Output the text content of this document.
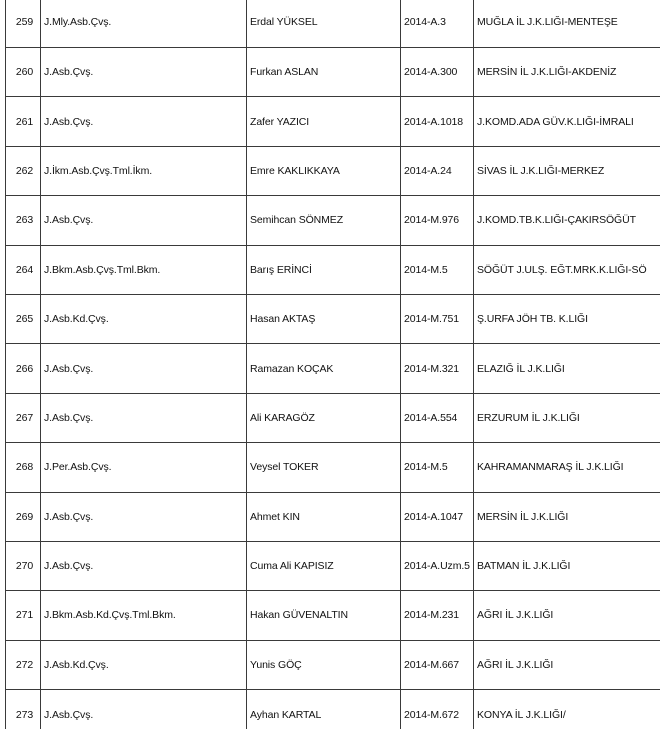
259	J.Mly.Asb.Çvş.	Erdal YÜKSEL	2014-A.3	MUĞLA İL J.K.LIĞI-MENTEŞE
260	J.Asb.Çvş.	Furkan ASLAN	2014-A.300	MERSİN İL J.K.LIĞI-AKDENİZ
261	J.Asb.Çvş.	Zafer YAZICI	2014-A.1018	J.KOMD.ADA GÜV.K.LIĞI-İMRALI
262	J.İkm.Asb.Çvş.Tml.İkm.	Emre KAKLIKKAYA	2014-A.24	SİVAS İL J.K.LIĞI-MERKEZ
263	J.Asb.Çvş.	Semihcan SÖNMEZ	2014-M.976	J.KOMD.TB.K.LIĞI-ÇAKIRSÖĞÜT
264	J.Bkm.Asb.Çvş.Tml.Bkm.	Barış ERİNCİ	2014-M.5	SÖĞÜT J.ULŞ. EĞT.MRK.K.LIĞI-SÖ
265	J.Asb.Kd.Çvş.	Hasan AKTAŞ	2014-M.751	Ş.URFA JÖH TB. K.LIĞI
266	J.Asb.Çvş.	Ramazan KOÇAK	2014-M.321	ELAZIĞ İL J.K.LIĞI
267	J.Asb.Çvş.	Ali KARAGÖZ	2014-A.554	ERZURUM İL J.K.LIĞI
268	J.Per.Asb.Çvş.	Veysel TOKER	2014-M.5	KAHRAMANMARAŞ İL J.K.LIĞI
269	J.Asb.Çvş.	Ahmet KIN	2014-A.1047	MERSİN İL J.K.LIĞI
270	J.Asb.Çvş.	Cuma Ali KAPISIZ	2014-A.Uzm.5	BATMAN İL J.K.LIĞI
271	J.Bkm.Asb.Kd.Çvş.Tml.Bkm.	Hakan GÜVENALTIN	2014-M.231	AĞRI İL J.K.LIĞI
272	J.Asb.Kd.Çvş.	Yunis GÖÇ	2014-M.667	AĞRI İL J.K.LIĞI
273	J.Asb.Çvş.	Ayhan KARTAL	2014-M.672	KONYA İL J.K.LIĞI/
